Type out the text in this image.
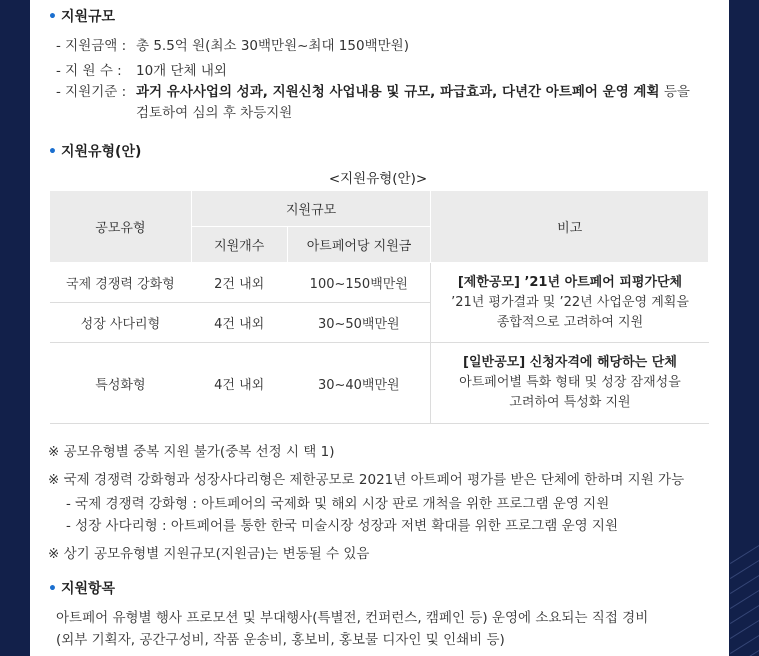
• 지원규모
- 지원금액 : 총 5.5억 원(최소 30백만원~최대 150백만원)
- 지 원 수 : 10개 단체 내외
- 지원기준 : 과거 유사사업의 성과, 지원신청 사업내용 및 규모, 파급효과, 다년간 아트페어 운영 계획 등을
검토하여 심의 후 차등지원
• 지원유형(안)
<지원유형(안)>
공모유형	지원규모		비고
	지원개수	아트페어당 지원금	
국제 경쟁력 강화형	2건 내외	100~150백만원	[제한공모] ’21년 아트페어 피평가단체
’21년 평가결과 및 ’22년 사업운영 계획을
종합적으로 고려하여 지원
성장 사다리형	4건 내외	30~50백만원	
특성화형	4건 내외	30~40백만원	[일반공모] 신청자격에 해당하는 단체
아트페어별 특화 형태 및 성장 잠재성을
고려하여 특성화 지원
※ 공모유형별 중복 지원 불가(중복 선정 시 택 1)
※ 국제 경쟁력 강화형과 성장사다리형은 제한공모로 2021년 아트페어 평가를 받은 단체에 한하며 지원 가능
- 국제 경쟁력 강화형 : 아트페어의 국제화 및 해외 시장 판로 개척을 위한 프로그램 운영 지원
- 성장 사다리형 : 아트페어를 통한 한국 미술시장 성장과 저변 확대를 위한 프로그램 운영 지원
※ 상기 공모유형별 지원규모(지원금)는 변동될 수 있음
• 지원항목
아트페어 유형별 행사 프로모션 및 부대행사(특별전, 컨퍼런스, 캠페인 등) 운영에 소요되는 직접 경비
(외부 기획자, 공간구성비, 작품 운송비, 홍보비, 홍보물 디자인 및 인쇄비 등)
